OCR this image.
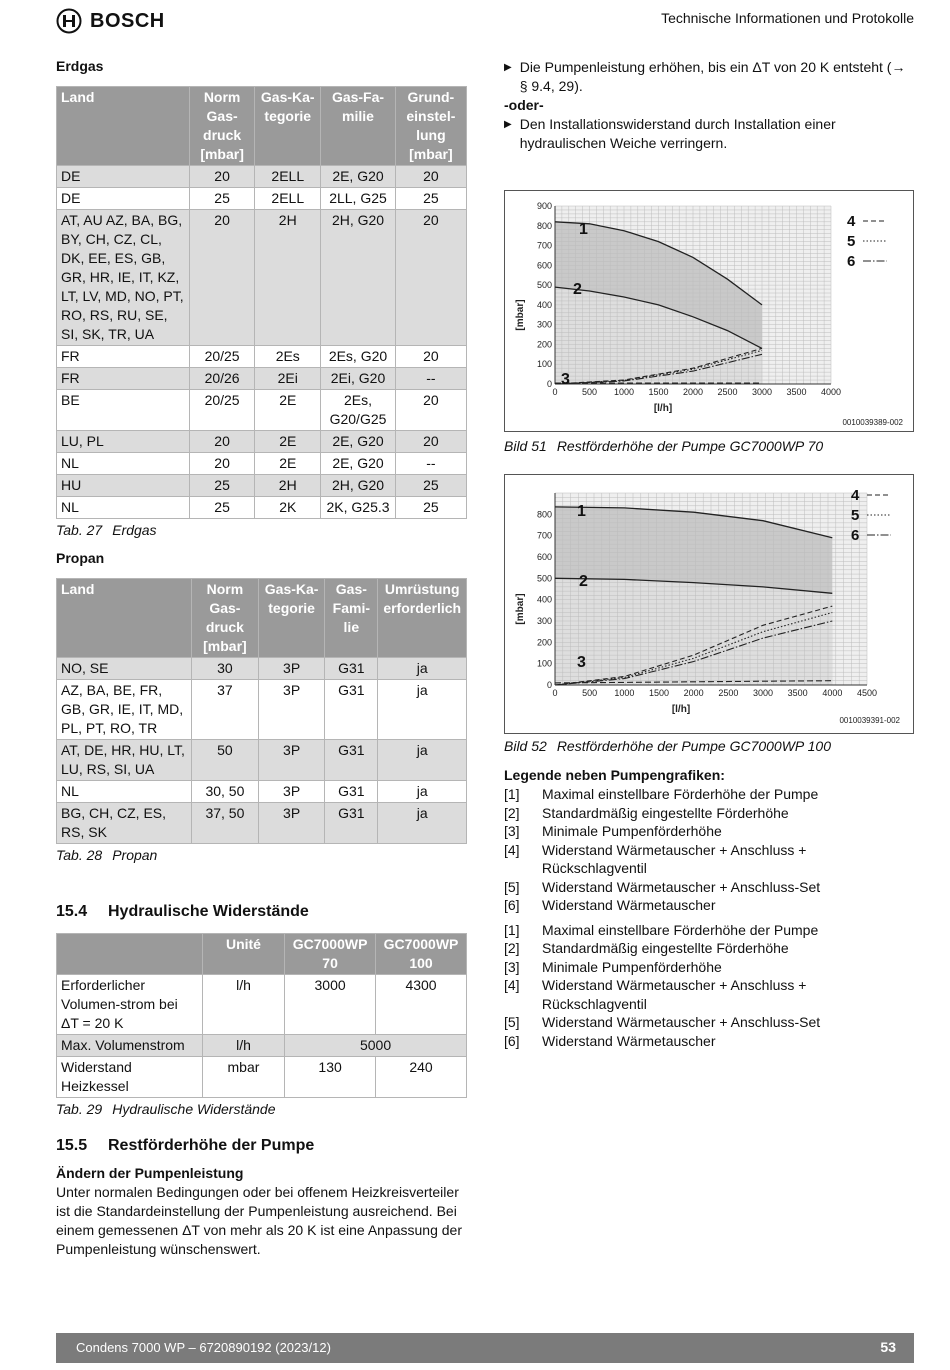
BOSCH	Technische Informationen und Protokolle
Erdgas
Land	Norm Gas-druck [mbar]	Gas-Ka-tegorie	Gas-Fa-milie	Grund-einstel-lung [mbar]
DE	20	2ELL	2E, G20	20
DE	25	2ELL	2LL, G25	25
AT, AU AZ, BA, BG, BY, CH, CZ, CL, DK, EE, ES, GB, GR, HR, IE, IT, KZ, LT, LV, MD, NO, PT, RO, RS, RU, SE, SI, SK, TR, UA	20	2H	2H, G20	20
FR	20/25	2Es	2Es, G20	20
FR	20/26	2Ei	2Ei, G20	--
BE	20/25	2E	2Es, G20/G25	20
LU, PL	20	2E	2E, G20	20
NL	20	2E	2E, G20	--
HU	25	2H	2H, G20	25
NL	25	2K	2K, G25.3	25
Tab. 27 Erdgas
Propan
Land	Norm Gas-druck [mbar]	Gas-Ka-tegorie	Gas-Fami-lie	Umrüstung erforderlich
NO, SE	30	3P	G31	ja
AZ, BA, BE, FR, GB, GR, IE, IT, MD, PL, PT, RO, TR	37	3P	G31	ja
AT, DE, HR, HU, LT, LU, RS, SI, UA	50	3P	G31	ja
NL	30, 50	3P	G31	ja
BG, CH, CZ, ES, RS, SK	37, 50	3P	G31	ja
Tab. 28 Propan
15.4 Hydraulische Widerstände
	Unité	GC7000WP 70	GC7000WP 100
Erforderlicher Volumen-strom bei ΔT = 20 K	l/h	3000	4300
Max. Volumenstrom	l/h	5000	
Widerstand Heizkessel	mbar	130	240
Tab. 29 Hydraulische Widerstände
15.5 Restförderhöhe der Pumpe
Ändern der Pumpenleistung
Unter normalen Bedingungen oder bei offenem Heizkreisverteiler ist die Standardeinstellung der Pumpenleistung ausreichend. Bei einem gemessenen ΔT von mehr als 20 K ist eine Anpassung der Pumpenleistung wünschenswert.
▶ Die Pumpenleistung erhöhen, bis ein ΔT von 20 K entsteht (→ § 9.4, 29).
-oder-
▶ Den Installationswiderstand durch Installation einer hydraulischen Weiche verringern.
0
100
200
300
400
500
600
700
800
900
0	500 1000 1500 2000 2500 3000 3500 4000
[l/h]
[mbar]
1
2
3
4
5
6
0010039389-002
Bild 51 Restförderhöhe der Pumpe GC7000WP 70
0
100
200
300
400
500
600
700
800
0	500 1000 1500 2000 2500 3000 3500 4000 4500
[l/h]
[mbar]
1
2
3
4
5
6
0010039391-002
Bild 52 Restförderhöhe der Pumpe GC7000WP 100
Legende neben Pumpengrafiken:
[1]	Maximal einstellbare Förderhöhe der Pumpe
[2]	Standardmäßig eingestellte Förderhöhe
[3]	Minimale Pumpenförderhöhe
[4]	Widerstand Wärmetauscher + Anschluss + Rückschlagventil
[5]	Widerstand Wärmetauscher + Anschluss-Set
[6]	Widerstand Wärmetauscher
[1]	Maximal einstellbare Förderhöhe der Pumpe
[2]	Standardmäßig eingestellte Förderhöhe
[3]	Minimale Pumpenförderhöhe
[4]	Widerstand Wärmetauscher + Anschluss + Rückschlagventil
[5]	Widerstand Wärmetauscher + Anschluss-Set
[6]	Widerstand Wärmetauscher
Condens 7000 WP – 6720890192 (2023/12)	53
